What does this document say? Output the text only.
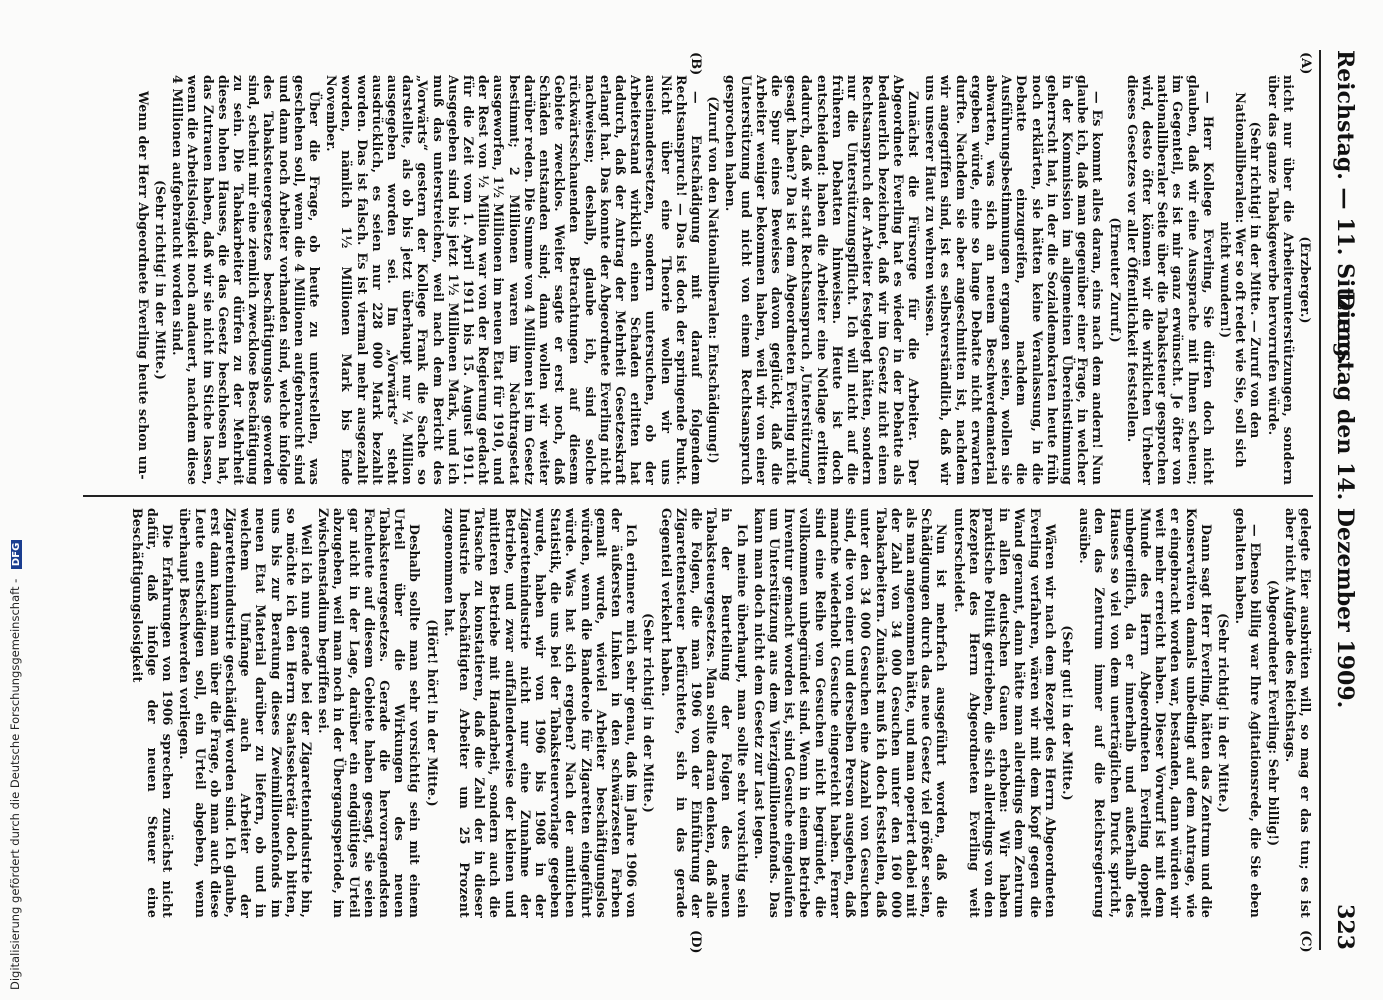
Reichstag. — 11. Sitzung.
Dienstag den 14. Dezember 1909.
323
(A)
(B)
(C)
(D)

(Erzberger.)

nicht nur über die Arbeiterunterstützungen, sondern über das ganze Tabakgewerbe hervorrufen würde.

(Sehr richtig! in der Mitte. — Zuruf von den Nationalliberalen: Wer so oft redet wie Sie, soll sich nicht wundern!)

— Herr Kollege Everling, Sie dürfen doch nicht glauben, daß wir eine Aussprache mit Ihnen scheuen; im Gegenteil, es ist mir ganz erwünscht. Je öfter von nationalliberaler Seite über die Tabaksteuer gesprochen wird, desto öfter können wir die wirklichen Urheber dieses Gesetzes vor aller Öffentlichkeit feststellen.

(Erneuter Zuruf.)

— Es kommt alles daran, eins nach dem andern! Nun glaube ich, daß man gegenüber einer Frage, in welcher in der Kommission im allgemeinen Übereinstimmung geherrscht hat, in der die Sozialdemokraten heute früh noch erklärten, sie hätten keine Veranlassung, in die Debatte einzugreifen, nachdem die Ausführungsbestimmungen ergangen seien, wollen sie abwarten, was sich an neuem Beschwerdematerial ergeben würde, eine so lange Debatte nicht erwarten durfte. Nachdem sie aber angeschnitten ist, nachdem wir angegriffen sind, ist es selbstverständlich, daß wir uns unserer Haut zu wehren wissen.

Zunächst die Fürsorge für die Arbeiter. Der Abgeordnete Everling hat es wieder in der Debatte als bedauerlich bezeichnet, daß wir im Gesetz nicht einen Rechtsanspruch der Arbeiter festgelegt hätten, sondern nur die Unterstützungspflicht. Ich will nicht auf die früheren Debatten hinweisen. Heute ist doch entscheidend: haben die Arbeiter eine Notlage erlitten dadurch, daß wir statt Rechtsanspruch „Unterstützung“ gesagt haben? Da ist dem Abgeordneten Everling nicht die Spur eines Beweises davon geglückt, daß die Arbeiter weniger bekommen haben, weil wir von einer Unterstützung und nicht von einem Rechtsanspruch gesprochen haben.

(Zuruf von den Nationalliberalen: Entschädigung!)

— Entschädigung mit darauf folgendem Rechtsanspruch! — Das ist doch der springende Punkt. Nicht über eine Theorie wollen wir uns auseinandersetzen, sondern untersuchen, ob der Arbeiterstand wirklich einen Schaden erlitten hat dadurch, daß der Antrag der Mehrheit Gesetzeskraft erlangt hat. Das konnte der Abgeordnete Everling nicht nachweisen; deshalb, glaube ich, sind solche rückwärtsschauenden Betrachtungen auf diesem Gebiete zwecklos. Weiter sagte er erst noch, daß Schäden entstanden sind; dann wollen wir weiter darüber reden. Die Summe von 4 Millionen ist im Gesetz bestimmt; 2 Millionen waren im Nachtragsetat ausgeworfen, 1½ Millionen im neuen Etat für 1910, und der Rest von ½ Million war von der Regierung gedacht für die Zeit vom 1. April 1911 bis 15. August 1911. Ausgegeben sind bis jetzt 1½ Millionen Mark, und ich muß das unterstreichen, weil nach dem Bericht des „Vorwärts“ gestern der Kollege Frank die Sache so darstellte, als ob bis jetzt überhaupt nur ¼ Million ausgegeben worden sei. Im „Vorwärts“ steht ausdrücklich, es seien nur 228 000 Mark bezahlt worden. Das ist falsch. Es ist viermal mehr ausgezahlt worden, nämlich 1½ Millionen Mark bis Ende November.

Über die Frage, ob heute zu unterstellen, was geschehen soll, wenn die 4 Millionen aufgebraucht sind und dann noch Arbeiter vorhanden sind, welche infolge des Tabaksteuergesetzes beschäftigungslos geworden sind, scheint mir eine ziemlich zwecklose Beschäftigung zu sein. Die Tabakarbeiter dürfen zu der Mehrheit dieses hohen Hauses, die das Gesetz beschlossen hat, das Zutrauen haben, daß wir sie nicht im Stiche lassen, wenn die Arbeitslosigkeit noch andauert, nachdem diese 4 Millionen aufgebraucht worden sind.

(Sehr richtig! in der Mitte.)

Wenn der Herr Abgeordnete Everling heute schon un-

gelegte Eier ausbrüten will, so mag er das tun; es ist aber nicht Aufgabe des Reichstags.

(Abgeordneter Everling: Sehr billig!)

— Ebenso billig war Ihre Agitationsrede, die Sie eben gehalten haben.

(Sehr richtig! in der Mitte.)

Dann sagt Herr Everling, hätten das Zentrum und die Konservativen damals unbedingt auf dem Antrage, wie er eingebracht worden war, bestanden, dann würden wir weit mehr erreicht haben. Dieser Vorwurf ist mit dem Munde des Herrn Abgeordneten Everling doppelt unbegreiflich, da er innerhalb und außerhalb des Hauses so viel von dem unerträglichen Druck spricht, den das Zentrum immer auf die Reichsregierung ausübe.

(Sehr gut! in der Mitte.)

Wären wir nach dem Rezept des Herrn Abgeordneten Everling verfahren, wären wir mit dem Kopf gegen die Wand gerannt, dann hätte man allerdings dem Zentrum in allen deutschen Gauen erhoben: Wir haben praktische Politik getrieben, die sich allerdings von den Rezepten des Herrn Abgeordneten Everling weit unterscheidet.

Nun ist mehrfach ausgeführt worden, daß die Schädigungen durch das neue Gesetz viel größer seien, als man angenommen hätte, und man operiert dabei mit der Zahl von 34 000 Gesuchen unter den 160 000 Tabakarbeitern. Zunächst muß ich doch feststellen, daß unter den 34 000 Gesuchen eine Anzahl von Gesuchen sind, die von einer und derselben Person ausgehen, daß manche wiederholt Gesuche eingereicht haben. Ferner sind eine Reihe von Gesuchen nicht begründet, die vollkommen unbegründet sind. Wenn in einem Betriebe Inventur gemacht worden ist, sind Gesuche eingelaufen um Unterstützung aus dem Vierzigmillionenfonds. Das kann man doch nicht dem Gesetz zur Last legen.

Ich meine überhaupt, man sollte sehr vorsichtig sein in der Beurteilung der Folgen des neuen Tabaksteuergesetzes. Man sollte daran denken, daß alle die Folgen, die man 1906 von der Einführung der Zigarettensteuer befürchtete, sich in das gerade Gegenteil verkehrt haben.

(Sehr richtig! in der Mitte.)

Ich erinnere mich sehr genau, daß im Jahre 1906 von der äußersten Linken in den schwärzesten Farben gemalt wurde, wieviel Arbeiter beschäftigungslos würden, wenn die Banderole für Zigaretten eingeführt würde. Was hat sich ergeben? Nach der amtlichen Statistik, die uns bei der Tabaksteuervorlage gegeben wurde, haben wir von 1906 bis 1908 in der Zigarettenindustrie nicht nur eine Zunahme der Betriebe, und zwar auffallenderweise der kleinen und mittleren Betriebe mit Handarbeit, sondern auch die Tatsache zu konstatieren, daß die Zahl der in dieser Industrie beschäftigten Arbeiter um 25 Prozent zugenommen hat.

(Hört! hört! in der Mitte.)

Deshalb sollte man sehr vorsichtig sein mit einem Urteil über die Wirkungen des neuen Tabaksteuergesetzes. Gerade die hervorragendsten Fachleute auf diesem Gebiete haben gesagt, sie seien gar nicht in der Lage, darüber ein endgültiges Urteil abzugeben, weil man noch in der Übergangsperiode, im Zwischenstadium begriffen sei.

Weil ich nun gerade bei der Zigarettenindustrie bin, so möchte ich den Herrn Staatssekretär doch bitten, uns bis zur Beratung dieses Zweimillionenfonds im neuen Etat Material darüber zu liefern, ob und in welchem Umfange auch Arbeiter der Zigarettenindustrie geschädigt worden sind. Ich glaube, erst dann kann man über die Frage, ob man auch diese Leute entschädigen soll, ein Urteil abgeben, wenn überhaupt Beschwerden vorliegen.

Die Erfahrungen von 1906 sprechen zunächst nicht dafür, daß infolge der neuen Steuer eine Beschäftigungslosigkeit

Digitalisierung gefördert durch die Deutsche Forschungsgemeinschaft - DFG
